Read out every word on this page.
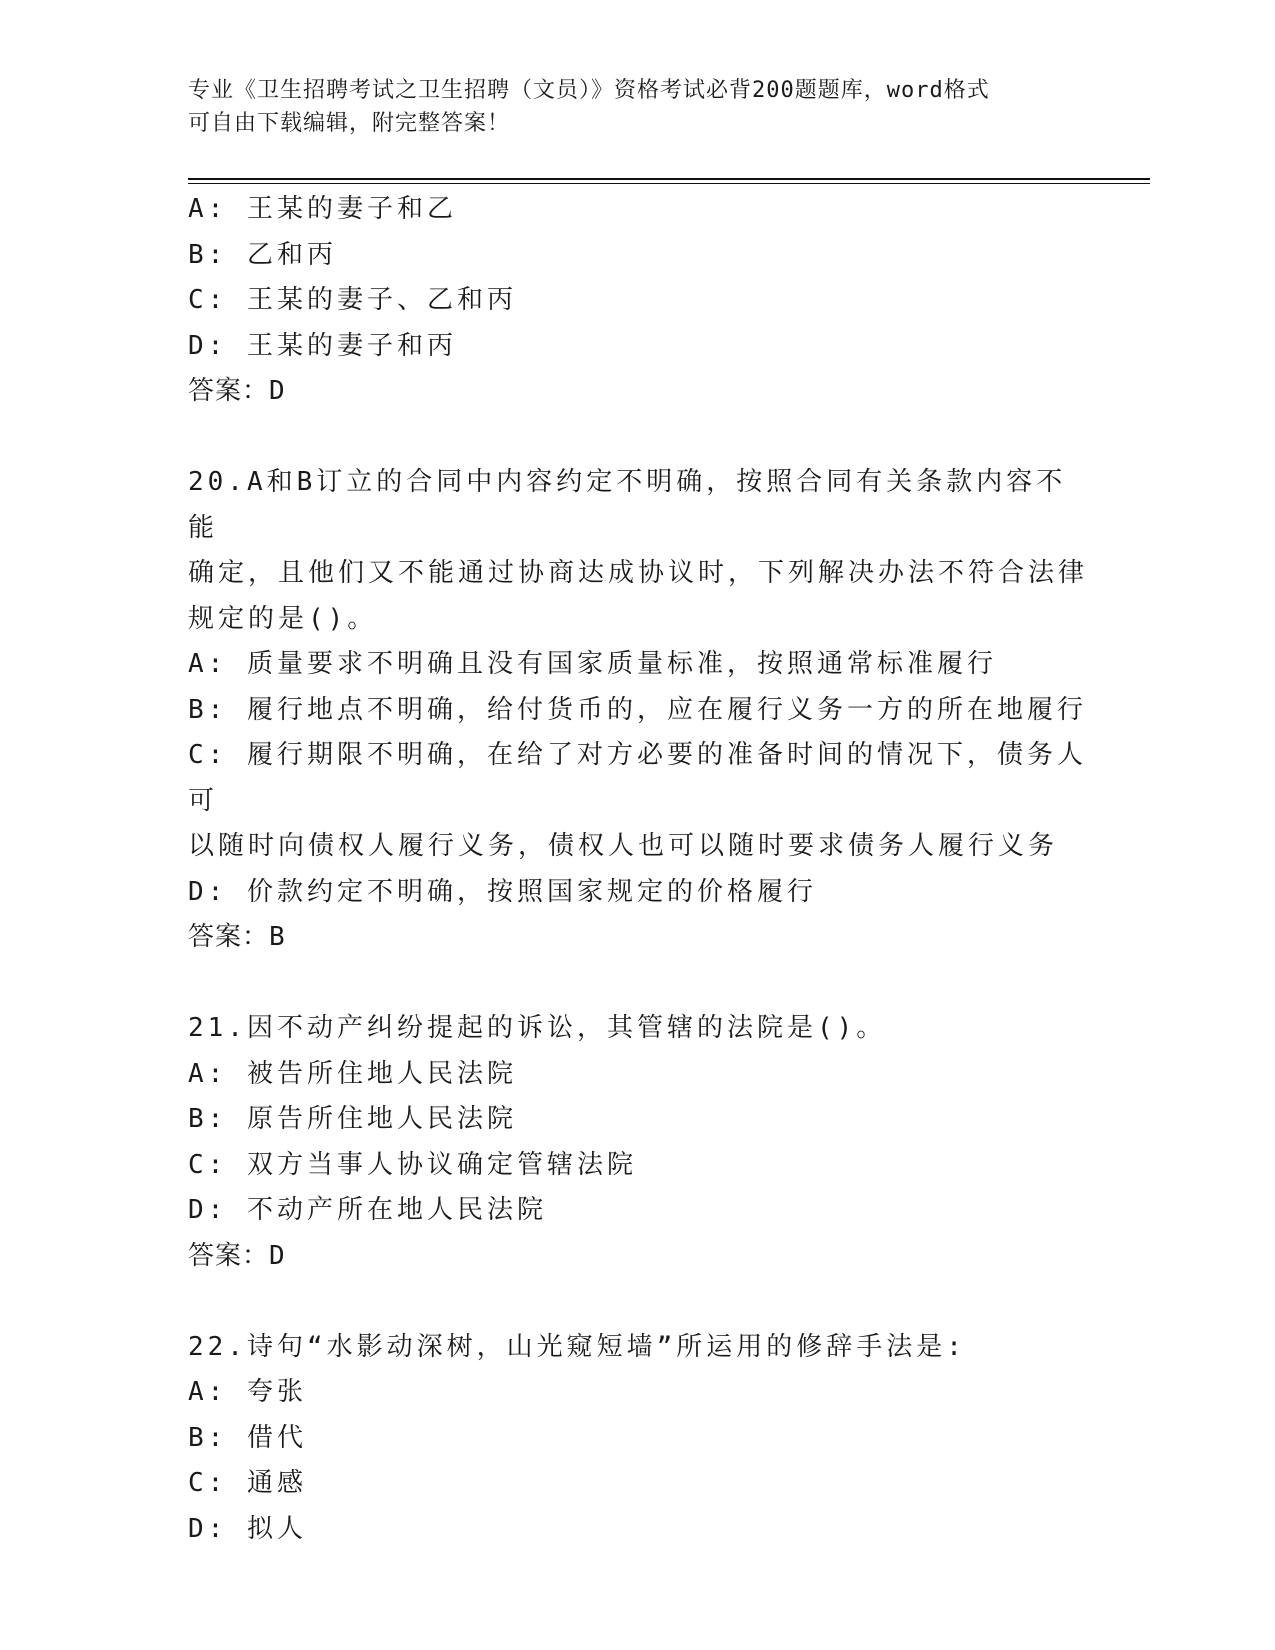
专业《卫生招聘考试之卫生招聘（文员）》资格考试必背200题题库，word格式

可自由下载编辑，附完整答案！

A: 王某的妻子和乙

B: 乙和丙

C: 王某的妻子、乙和丙

D: 王某的妻子和丙

答案：D

20.A和B订立的合同中内容约定不明确，按照合同有关条款内容不能

确定，且他们又不能通过协商达成协议时，下列解决办法不符合法律

规定的是()。

A: 质量要求不明确且没有国家质量标准，按照通常标准履行

B: 履行地点不明确，给付货币的，应在履行义务一方的所在地履行

C: 履行期限不明确，在给了对方必要的准备时间的情况下，债务人可

以随时向债权人履行义务，债权人也可以随时要求债务人履行义务

D: 价款约定不明确，按照国家规定的价格履行

答案：B

21.因不动产纠纷提起的诉讼，其管辖的法院是()。

A: 被告所住地人民法院

B: 原告所住地人民法院

C: 双方当事人协议确定管辖法院

D: 不动产所在地人民法院

答案：D

22.诗句“水影动深树，山光窥短墙”所运用的修辞手法是:

A: 夸张

B: 借代

C: 通感

D: 拟人
